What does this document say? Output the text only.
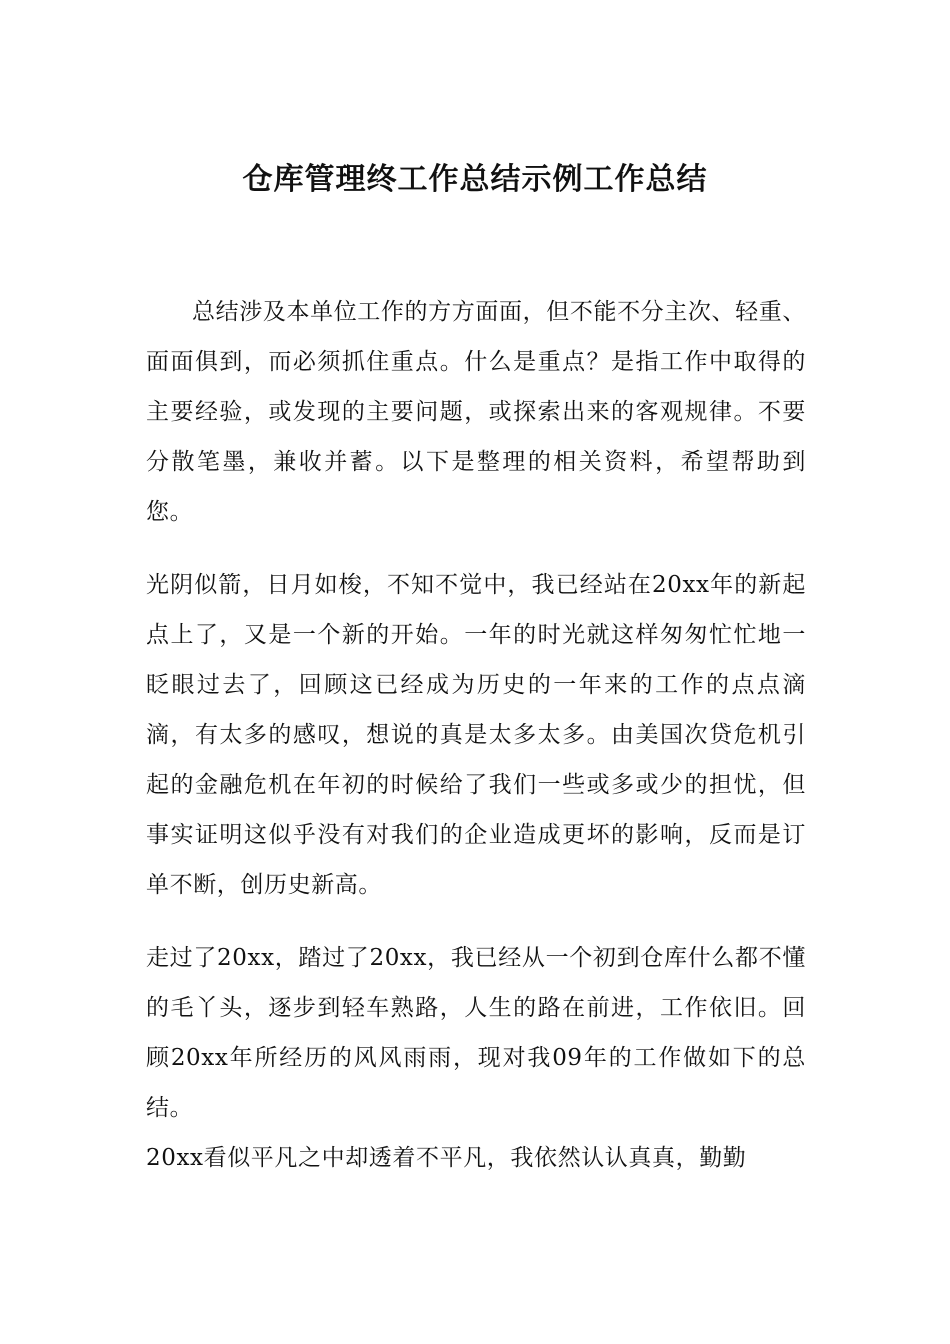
仓库管理终工作总结示例工作总结

总结涉及本单位工作的方方面面，但不能不分主次、轻重、面面俱到，而必须抓住重点。什么是重点？是指工作中取得的主要经验，或发现的主要问题，或探索出来的客观规律。不要分散笔墨，兼收并蓄。以下是整理的相关资料，希望帮助到您。

光阴似箭，日月如梭，不知不觉中，我已经站在20xx年的新起点上了，又是一个新的开始。一年的时光就这样匆匆忙忙地一眨眼过去了，回顾这已经成为历史的一年来的工作的点点滴滴，有太多的感叹，想说的真是太多太多。由美国次贷危机引起的金融危机在年初的时候给了我们一些或多或少的担忧，但事实证明这似乎没有对我们的企业造成更坏的影响，反而是订单不断，创历史新高。

走过了20xx，踏过了20xx，我已经从一个初到仓库什么都不懂的毛丫头，逐步到轻车熟路，人生的路在前进，工作依旧。回顾20xx年所经历的风风雨雨，现对我09年的工作做如下的总结。

20xx看似平凡之中却透着不平凡，我依然认认真真，勤勤
